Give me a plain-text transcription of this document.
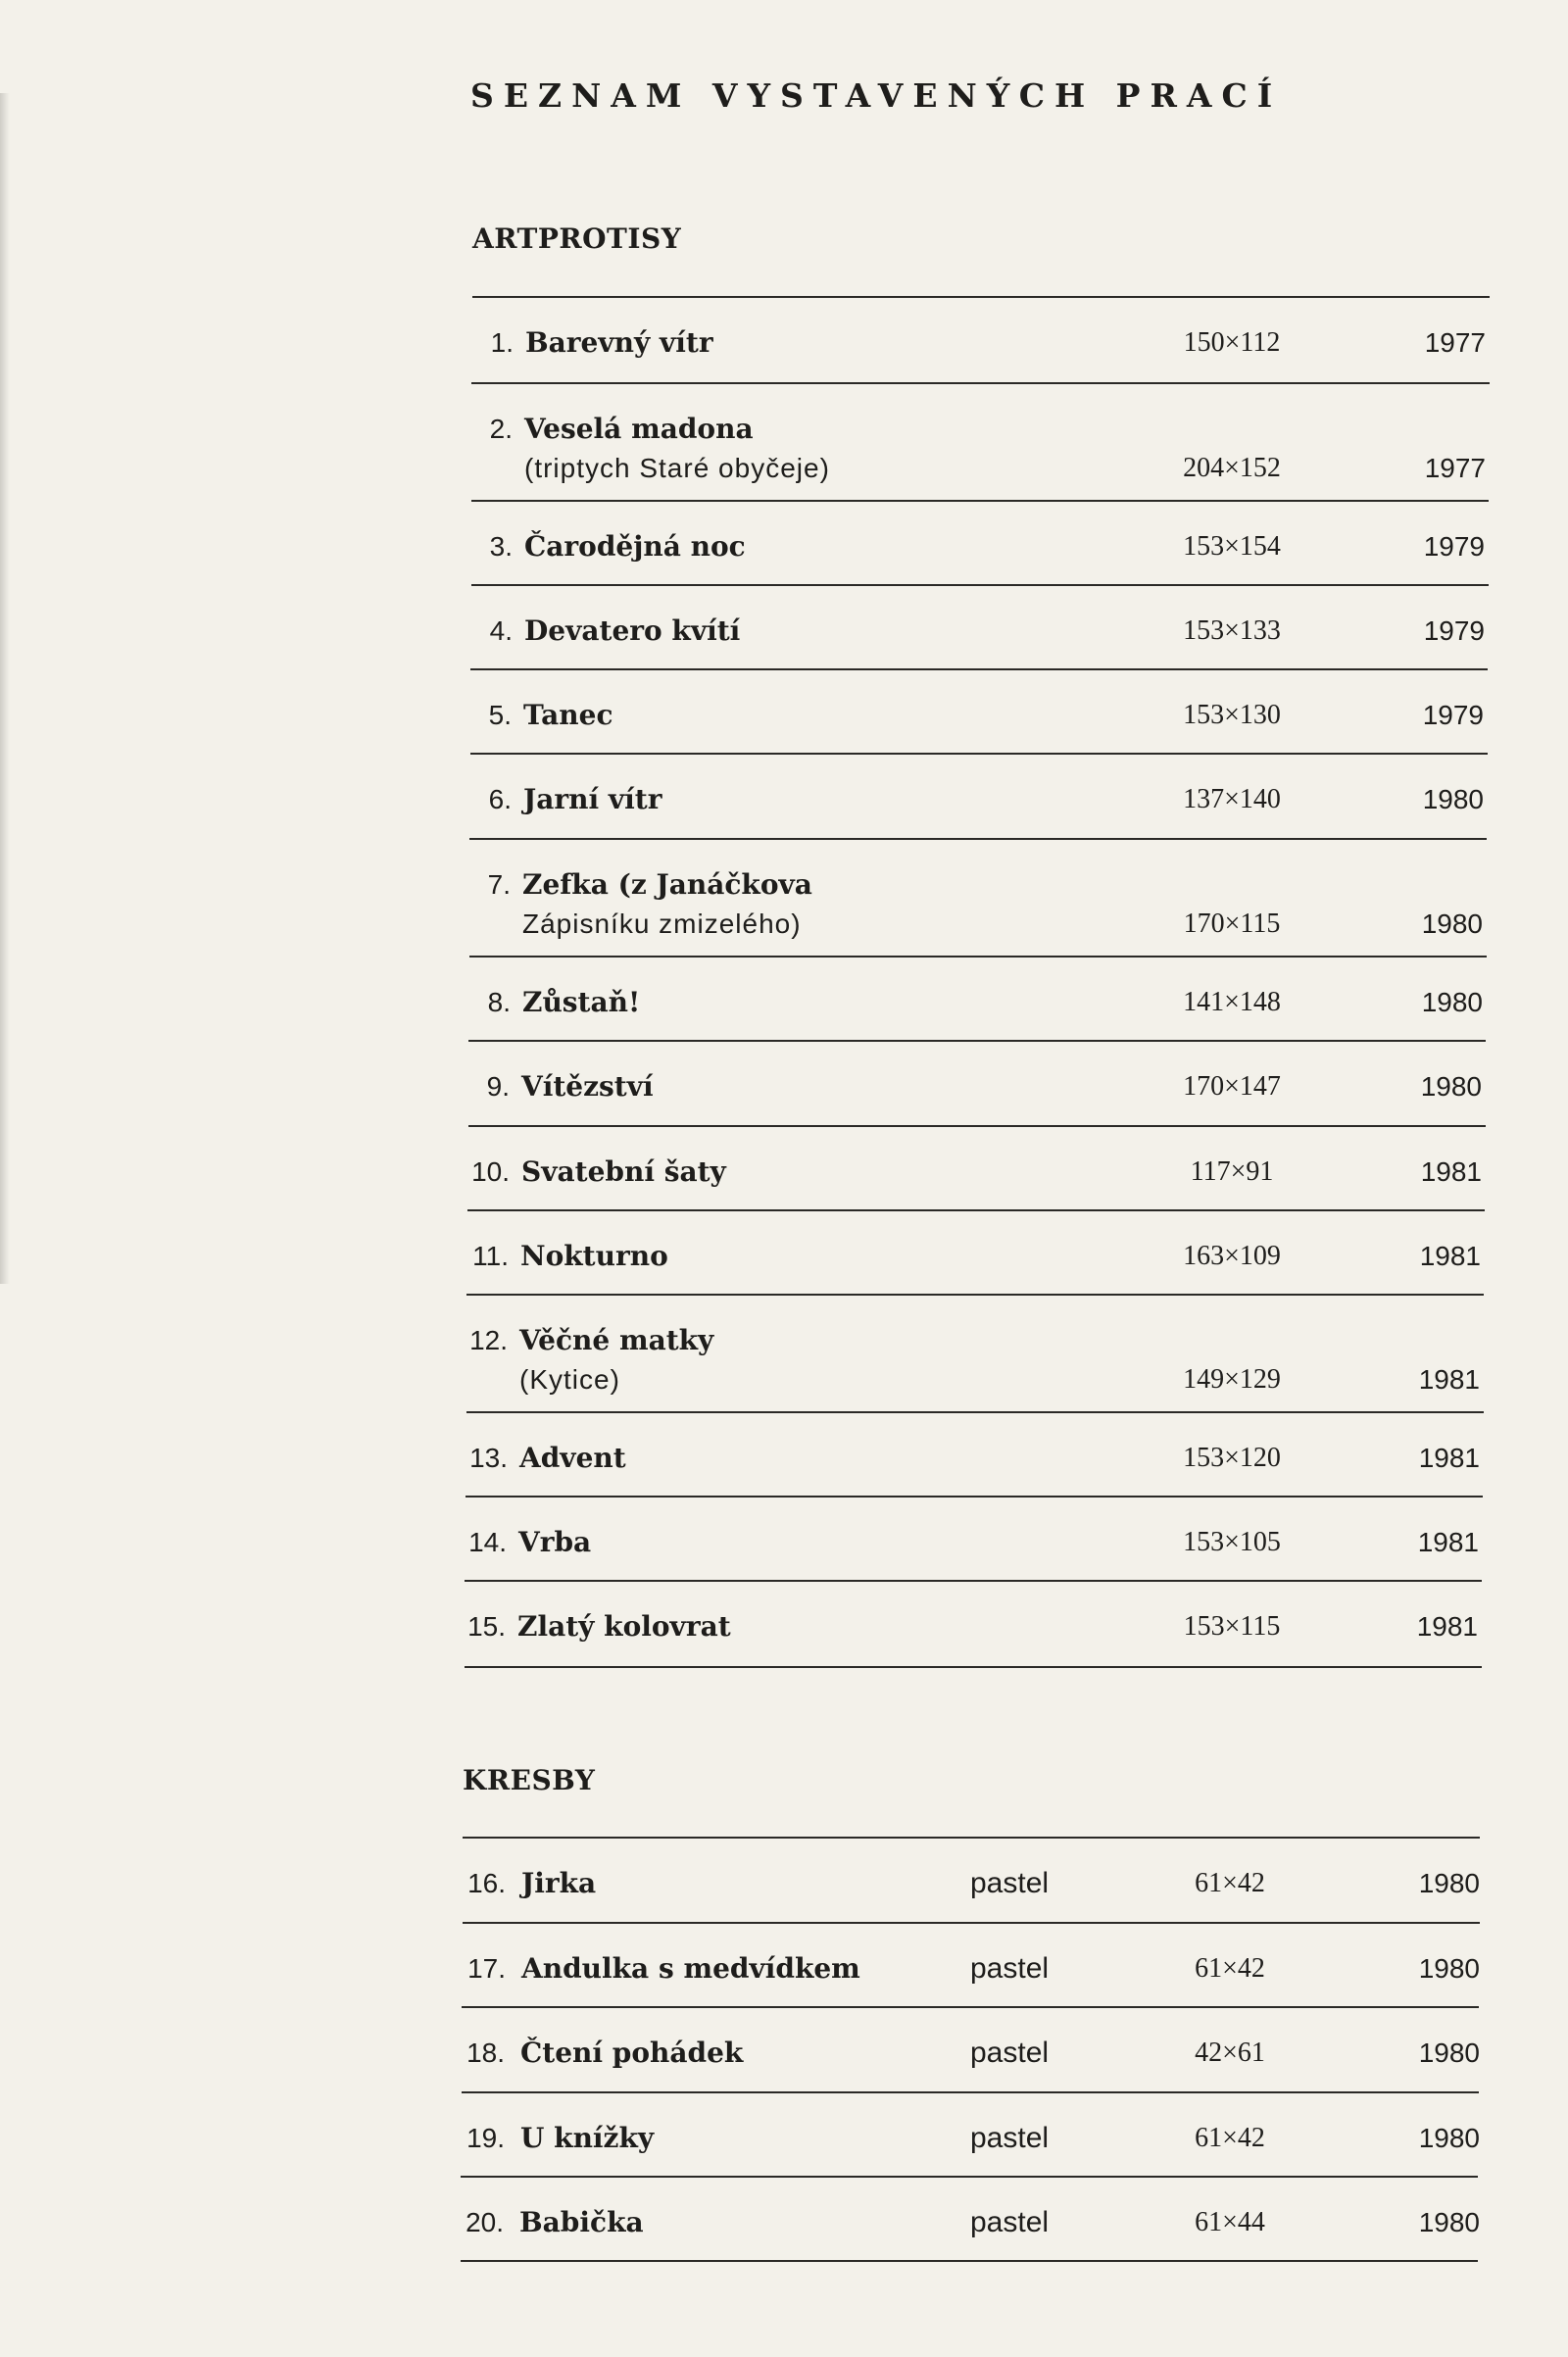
SEZNAM VYSTAVENÝCH PRACÍ
ARTPROTISY
KRESBY
1. Barevný vítr	150×112	1977
2. Veselá madona
(triptych Staré obyčeje)	204×152	1977
3. Čarodějná noc	153×154	1979
4. Devatero kvítí	153×133	1979
5. Tanec	153×130	1979
6. Jarní vítr	137×140	1980
7. Zefka (z Janáčkova
Zápisníku zmizelého)	170×115	1980
8. Zůstaň!	141×148	1980
9. Vítězství	170×147	1980
10. Svatební šaty	117×91	1981
11. Nokturno	163×109	1981
12. Věčné matky
(Kytice)	149×129	1981
13. Advent	153×120	1981
14. Vrba	153×105	1981
15. Zlatý kolovrat	153×115	1981
16. Jirka	pastel	61×42	1980
17. Andulka s medvídkem	pastel	61×42	1980
18. Čtení pohádek	pastel	42×61	1980
19. U knížky	pastel	61×42	1980
20. Babička	pastel	61×44	1980
